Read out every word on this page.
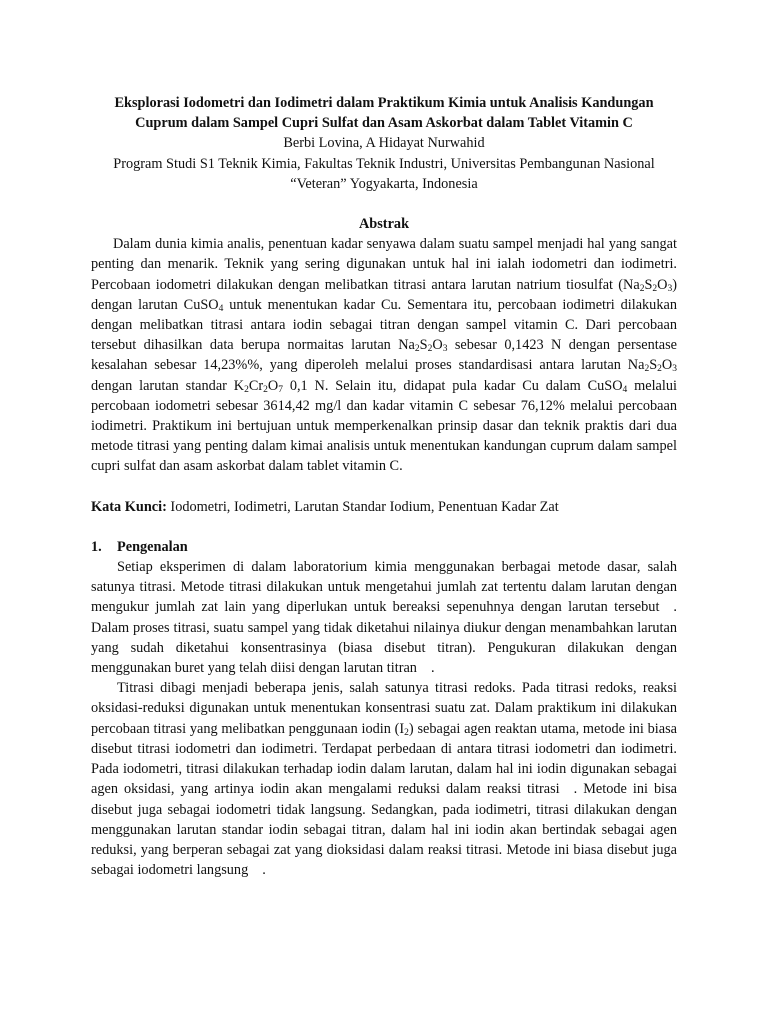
Eksplorasi Iodometri dan Iodimetri dalam Praktikum Kimia untuk Analisis Kandungan
Cuprum dalam Sampel Cupri Sulfat dan Asam Askorbat dalam Tablet Vitamin C
Berbi Lovina, A Hidayat Nurwahid
Program Studi S1 Teknik Kimia, Fakultas Teknik Industri, Universitas Pembangunan Nasional
“Veteran” Yogyakarta, Indonesia
Abstrak

Dalam dunia kimia analis, penentuan kadar senyawa dalam suatu sampel menjadi hal yang sangat penting dan menarik. Teknik yang sering digunakan untuk hal ini ialah iodometri dan iodimetri. Percobaan iodometri dilakukan dengan melibatkan titrasi antara larutan natrium tiosulfat $(Na_2S_2O_3)$ dengan larutan CuSO$_4$ untuk menentukan kadar Cu. Sementara itu, percobaan iodimetri dilakukan dengan melibatkan titrasi antara iodin sebagai titran dengan sampel vitamin C. Dari percobaan tersebut dihasilkan data berupa normaitas larutan $Na_2S_2O_3$ sebesar 0,1423 N dengan persentase kesalahan sebesar 14,23%%, yang diperoleh melalui proses standardisasi antara larutan $Na_2S_2O_3$ dengan larutan standar $K_2Cr_2O_7$ 0,1 N. Selain itu, didapat pula kadar Cu dalam CuSO$_4$ melalui percobaan iodometri sebesar 3614,42 mg/l dan kadar vitamin C sebesar 76,12% melalui percobaan iodimetri. Praktikum ini bertujuan untuk memperkenalkan prinsip dasar dan teknik praktis dari dua metode titrasi yang penting dalam kimai analisis untuk menentukan kandungan cuprum dalam sampel cupri sulfat dan asam askorbat dalam tablet vitamin C.

Kata Kunci: Iodometri, Iodimetri, Larutan Standar Iodium, Penentuan Kadar Zat
1. Pengenalan

Setiap eksperimen di dalam laboratorium kimia menggunakan berbagai metode dasar, salah satunya titrasi. Metode titrasi dilakukan untuk mengetahui jumlah zat tertentu dalam larutan dengan mengukur jumlah zat lain yang diperlukan untuk bereaksi sepenuhnya dengan larutan tersebut . Dalam proses titrasi, suatu sampel yang tidak diketahui nilainya diukur dengan menambahkan larutan yang sudah diketahui konsentrasinya (biasa disebut titran). Pengukuran dilakukan dengan menggunakan buret yang telah diisi dengan larutan titran .

Titrasi dibagi menjadi beberapa jenis, salah satunya titrasi redoks. Pada titrasi redoks, reaksi oksidasi-reduksi digunakan untuk menentukan konsentrasi suatu zat. Dalam praktikum ini dilakukan percobaan titrasi yang melibatkan penggunaan iodin $(I_2)$ sebagai agen reaktan utama, metode ini biasa disebut titrasi iodometri dan iodimetri. Terdapat perbedaan di antara titrasi iodometri dan iodimetri. Pada iodometri, titrasi dilakukan terhadap iodin dalam larutan, dalam hal ini iodin digunakan sebagai agen oksidasi, yang artinya iodin akan mengalami reduksi dalam reaksi titrasi . Metode ini bisa disebut juga sebagai iodometri tidak langsung. Sedangkan, pada iodimetri, titrasi dilakukan dengan menggunakan larutan standar iodin sebagai titran, dalam hal ini iodin akan bertindak sebagai agen reduksi, yang berperan sebagai zat yang dioksidasi dalam reaksi titrasi. Metode ini biasa disebut juga sebagai iodometri langsung .
